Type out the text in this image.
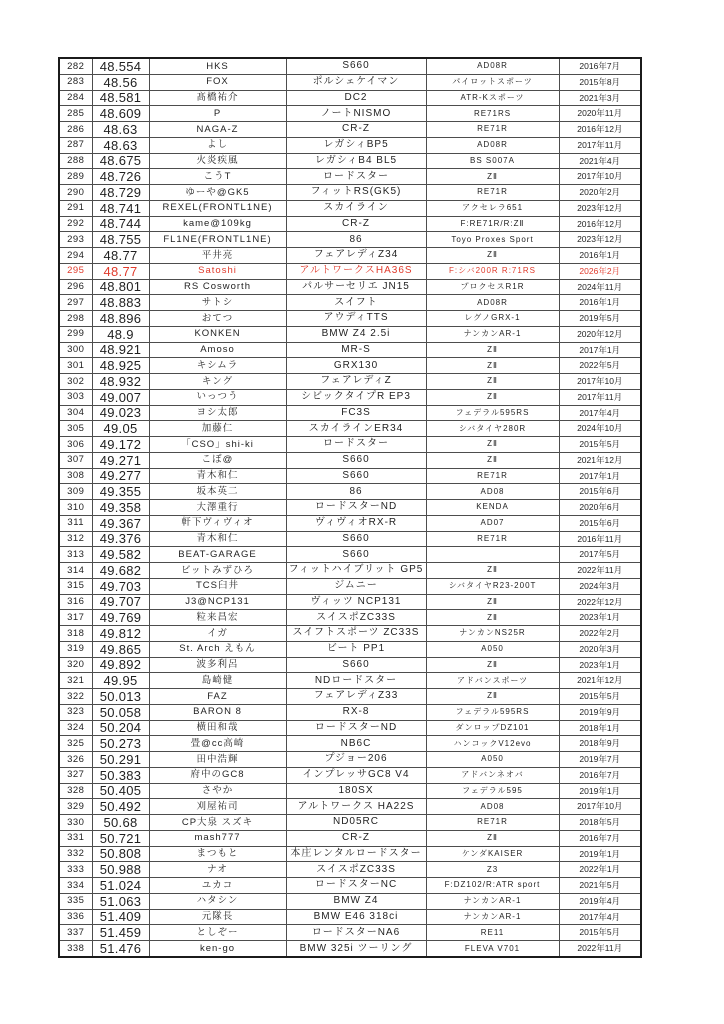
282	48.554	HKS	S660	AD08R	2016年7月
283	48.56	FOX	ポルシェケイマン	パイロットスポーツ	2015年8月
284	48.581	髙橋祐介	DC2	ATR-Kスポーツ	2021年3月
285	48.609	P	ノートNISMO	RE71RS	2020年11月
286	48.63	NAGA-Z	CR-Z	RE71R	2016年12月
287	48.63	よし	レガシィBP5	AD08R	2017年11月
288	48.675	火炎疾風	レガシィB4 BL5	BS S007A	2021年4月
289	48.726	こうT	ロードスター	ZⅡ	2017年10月
290	48.729	ゆーや@GK5	フィットRS(GK5)	RE71R	2020年2月
291	48.741	REXEL(FRONTL1NE)	スカイライン	アクセレラ651	2023年12月
292	48.744	kame@109kg	CR-Z	F:RE71R/R:ZⅡ	2016年12月
293	48.755	FL1NE(FRONTL1NE)	86	Toyo Proxes Sport	2023年12月
294	48.77	平井亮	フェアレディZ34	ZⅡ	2016年1月
295	48.77	Satoshi	アルトワークスHA36S	F:シバ200R R:71RS	2026年2月
296	48.801	RS Cosworth	パルサーセリエ JN15	プロクセスR1R	2024年11月
297	48.883	サトシ	スイフト	AD08R	2016年1月
298	48.896	おてつ	アウディTTS	レグノGRX-1	2019年5月
299	48.9	KONKEN	BMW Z4 2.5i	ナンカンAR-1	2020年12月
300	48.921	Amoso	MR-S	ZⅡ	2017年1月
301	48.925	キシムラ	GRX130	ZⅡ	2022年5月
302	48.932	キング	フェアレディZ	ZⅡ	2017年10月
303	49.007	いっつう	シビックタイプR EP3	ZⅡ	2017年11月
304	49.023	ヨシ太郎	FC3S	フェデラル595RS	2017年4月
305	49.05	加藤仁	スカイラインER34	シバタイヤ280R	2024年10月
306	49.172	「CSO」shi-ki	ロードスター	ZⅡ	2015年5月
307	49.271	こぼ@	S660	ZⅡ	2021年12月
308	49.277	青木和仁	S660	RE71R	2017年1月
309	49.355	坂本英二	86	AD08	2015年6月
310	49.358	大澤重行	ロードスターND	KENDA	2020年6月
311	49.367	軒下ヴィヴィオ	ヴィヴィオRX-R	AD07	2015年6月
312	49.376	青木和仁	S660	RE71R	2016年11月
313	49.582	BEAT-GARAGE	S660		2017年5月
314	49.682	ビットみずひろ	フィットハイブリット GP5	ZⅡ	2022年11月
315	49.703	TCS臼井	ジムニー	シバタイヤR23-200T	2024年3月
316	49.707	J3@NCP131	ヴィッツ NCP131	ZⅡ	2022年12月
317	49.769	粒来昌宏	スイスポZC33S	ZⅡ	2023年1月
318	49.812	イガ	スイフトスポーツ ZC33S	ナンカンNS25R	2022年2月
319	49.865	St. Arch えもん	ビート PP1	A050	2020年3月
320	49.892	波多利呂	S660	ZⅡ	2023年1月
321	49.95	島崎健	NDロードスター	アドバンスポーツ	2021年12月
322	50.013	FAZ	フェアレディZ33	ZⅡ	2015年5月
323	50.058	BARON 8	RX-8	フェデラル595RS	2019年9月
324	50.204	横田和哉	ロードスターND	ダンロップDZ101	2018年1月
325	50.273	畳@cc高崎	NB6C	ハンコックV12evo	2018年9月
326	50.291	田中浩輝	プジョー206	A050	2019年7月
327	50.383	府中のGC8	インプレッサGC8 V4	アドバンネオバ	2016年7月
328	50.405	さやか	180SX	フェデラル595	2019年1月
329	50.492	刈屋祐司	アルトワークス HA22S	AD08	2017年10月
330	50.68	CP大泉 スズキ	ND05RC	RE71R	2018年5月
331	50.721	mash777	CR-Z	ZⅡ	2016年7月
332	50.808	まつもと	本庄レンタルロードスター	ケンダKAISER	2019年1月
333	50.988	ナオ	スイスポZC33S	Z3	2022年1月
334	51.024	ユカコ	ロードスターNC	F:DZ102/R:ATR sport	2021年5月
335	51.063	ハタシン	BMW Z4	ナンカンAR-1	2019年4月
336	51.409	元隊長	BMW E46 318ci	ナンカンAR-1	2017年4月
337	51.459	としぞー	ロードスターNA6	RE11	2015年5月
338	51.476	ken-go	BMW 325i ツーリング	FLEVA V701	2022年11月
